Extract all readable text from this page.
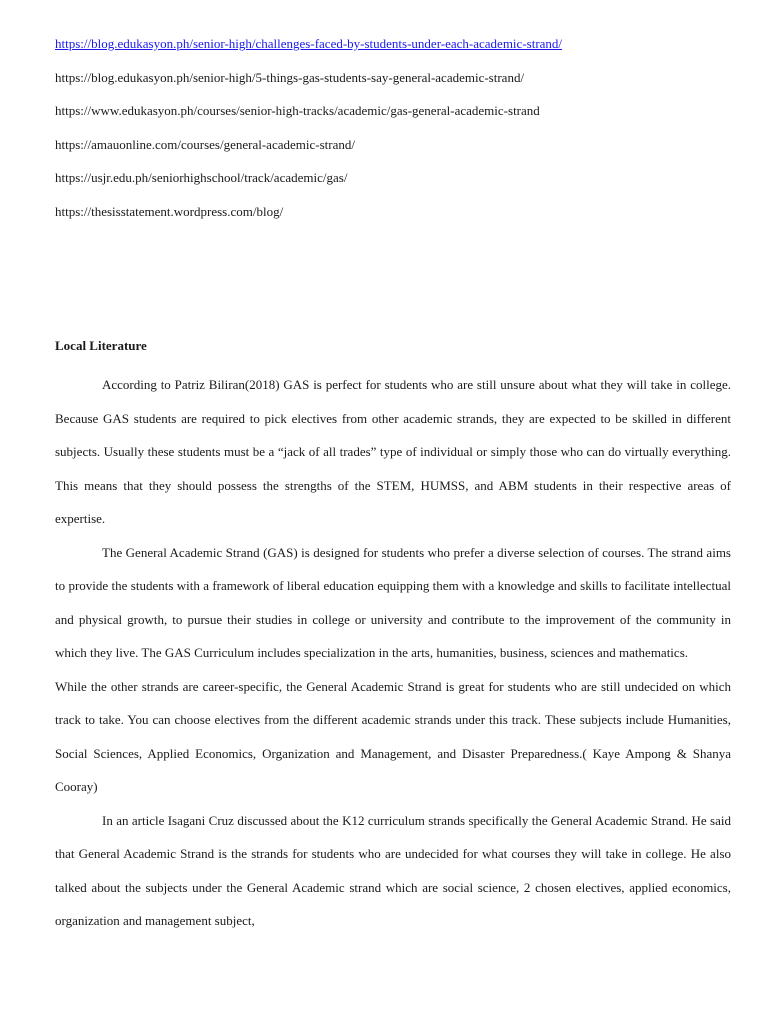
https://blog.edukasyon.ph/senior-high/challenges-faced-by-students-under-each-academic-strand/
https://blog.edukasyon.ph/senior-high/5-things-gas-students-say-general-academic-strand/
https://www.edukasyon.ph/courses/senior-high-tracks/academic/gas-general-academic-strand
https://amauonline.com/courses/general-academic-strand/
https://usjr.edu.ph/seniorhighschool/track/academic/gas/
https://thesisstatement.wordpress.com/blog/

Local Literature

According to Patriz Biliran(2018) GAS is perfect for students who are still unsure about what they will take in college. Because GAS students are required to pick electives from other academic strands, they are expected to be skilled in different subjects. Usually these students must be a “jack of all trades” type of individual or simply those who can do virtually everything. This means that they should possess the strengths of the STEM, HUMSS, and ABM students in their respective areas of expertise.

The General Academic Strand (GAS) is designed for students who prefer a diverse selection of courses. The strand aims to provide the students with a framework of liberal education equipping them with a knowledge and skills to facilitate intellectual and physical growth, to pursue their studies in college or university and contribute to the improvement of the community in which they live. The GAS Curriculum includes specialization in the arts, humanities, business, sciences and mathematics.

While the other strands are career-specific, the General Academic Strand is great for students who are still undecided on which track to take. You can choose electives from the different academic strands under this track. These subjects include Humanities, Social Sciences, Applied Economics, Organization and Management, and Disaster Preparedness.( Kaye Ampong & Shanya Cooray)

In an article Isagani Cruz discussed about the K12 curriculum strands specifically the General Academic Strand. He said that General Academic Strand is the strands for students who are undecided for what courses they will take in college. He also talked about the subjects under the General Academic strand which are social science, 2 chosen electives, applied economics, organization and management subject,
